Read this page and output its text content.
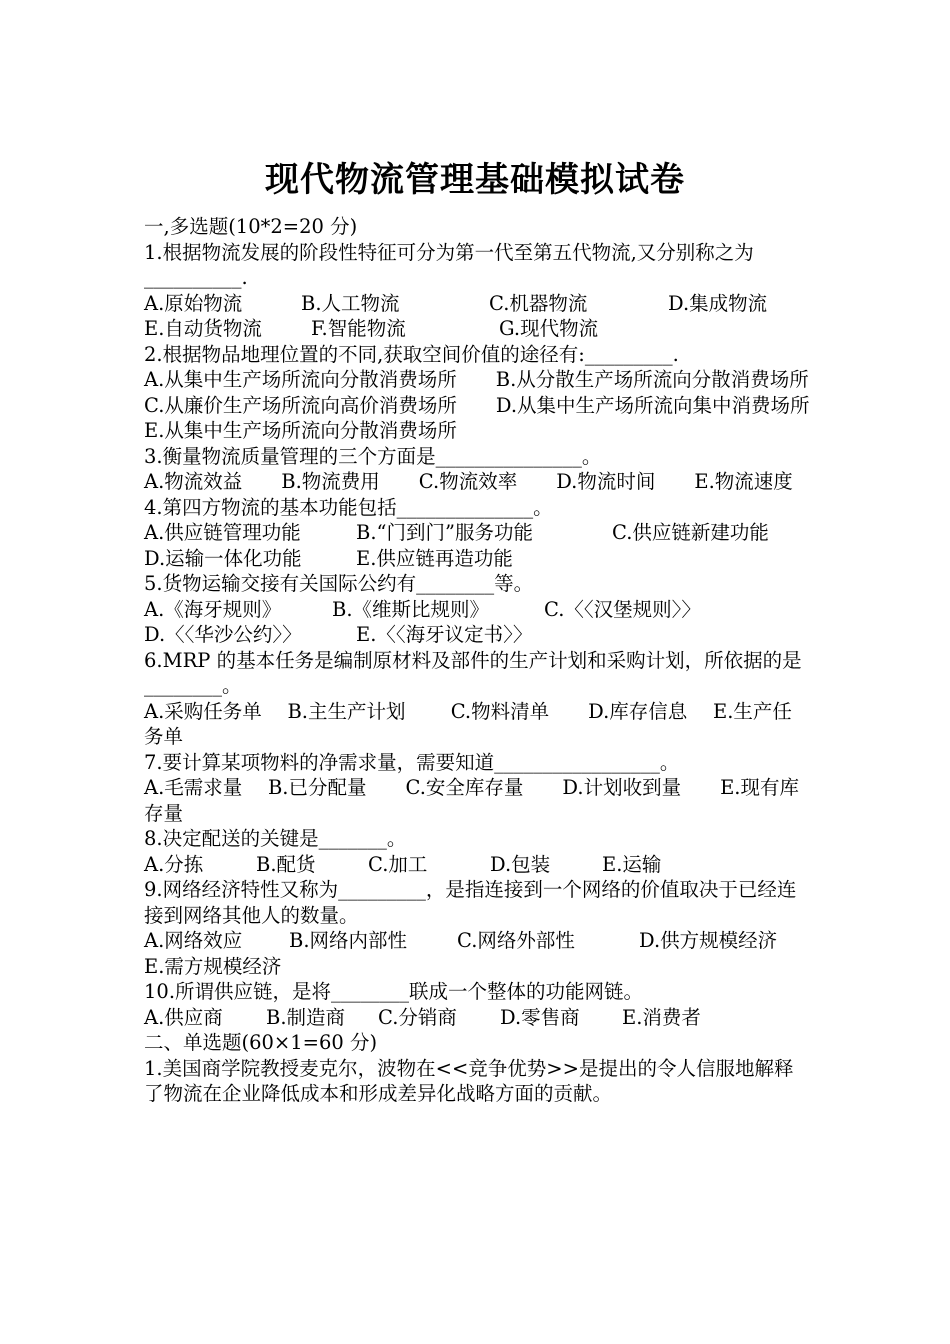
现代物流管理基础模拟试卷
一,多选题(10*2=20 分)
1.根据物流发展的阶段性特征可分为第一代至第五代物流,又分别称之为__________.
A.原始物流	B.人工物流	C.机器物流	D.集成物流
E.自动货物流	F.智能物流	G.现代物流
2.根据物品地理位置的不同,获取空间价值的途径有:_________.
A.从集中生产场所流向分散消费场所　　B.从分散生产场所流向分散消费场所
C.从廉价生产场所流向高价消费场所　　D.从集中生产场所流向集中消费场所
E.从集中生产场所流向分散消费场所
3.衡量物流质量管理的三个方面是_______________。
A.物流效益　　B.物流费用　　C.物流效率　　D.物流时间　　E.物流速度
4.第四方物流的基本功能包括______________。
A.供应链管理功能	B.“门到门”服务功能	C.供应链新建功能
D.运输一体化功能	E.供应链再造功能
5.货物运输交接有关国际公约有________等。
A.《海牙规则》	B.《维斯比规则》	C.〈〈汉堡规则〉〉
D.〈〈华沙公约〉〉	E.〈〈海牙议定书〉〉
6.MRP 的基本任务是编制原材料及部件的生产计划和采购计划，所依据的是________。
A.采购任务单　 B.主生产计划　　 C.物料清单　　D.库存信息　 E.生产任务单
7.要计算某项物料的净需求量，需要知道_________________。
A.毛需求量　 B.已分配量　　C.安全库存量　　D.计划收到量　　E.现有库存量
8.决定配送的关键是_______。
A.分拣	B.配货	C.加工	D.包装	E.运输
9.网络经济特性又称为_________，是指连接到一个网络的价值取决于已经连接到网络其他人的数量。
A.网络效应	B.网络内部性	C.网络外部性	D.供方规模经济
E.需方规模经济
10.所谓供应链，是将________联成一个整体的功能网链。
A.供应商	B.制造商	C.分销商	D.零售商	E.消费者
二、单选题(60×1=60 分)
1.美国商学院教授麦克尔，波物在<<竞争优势>>是提出的令人信服地解释了物流在企业降低成本和形成差异化战略方面的贡献。
